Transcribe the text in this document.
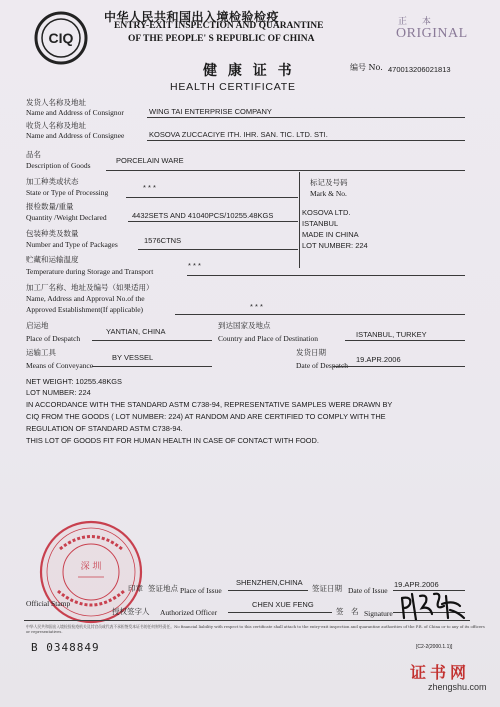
CIQ
中华人民共和国出入境检验检疫
ENTRY-EXIT INSPECTION AND QUARANTINE
OF THE PEOPLE' S REPUBLIC OF CHINA
正 本
ORIGINAL
健 康 证 书	编号 No. 470013206021813
HEALTH CERTIFICATE
发货人名称及地址
Name and Address of Consignor	WING TAI ENTERPRISE COMPANY
收货人名称及地址
Name and Address of Consignee	KOSOVA ZUCCACIYE ITH. IHR. SAN. TIC. LTD. STI.
品名
Description of Goods
PORCELAIN WARE
加工种类或状态
State or Type of Processing
* * *
标记及号码
Mark & No.
KOSOVA LTD.
ISTANBUL
MADE IN CHINA
LOT NUMBER: 224
报检数量/重量
Quantity /Weight Declared	4432SETS AND 41040PCS/10255.48KGS
包装种类及数量
Number and Type of Packages	1576CTNS
贮藏和运输温度
Temperature during Storage and Transport
* * *
加工厂名称、地址及编号（如果适用）
Name, Address and Approval No.of the
Approved Establishment(If applicable)	* * *
启运地
Place of Despatch
YANTIAN, CHINA
到达国家及地点
Country and Place of Destination	ISTANBUL, TURKEY
运输工具
Means of Conveyance
BY VESSEL
发货日期
Date of Despatch
19.APR.2006
NET WEIGHT: 10255.48KGS
LOT NUMBER: 224
IN ACCORDANCE WITH THE STANDARD ASTM C738-94, REPRESENTATIVE SAMPLES WERE DRAWN BY
CIQ FROM THE GOODS ( LOT NUMBER: 224) AT RANDOM AND ARE CERTIFIED TO COMPLY WITH THE
REGULATION OF STANDARD ASTM C738-94.
THIS LOT OF GOODS FIT FOR HUMAN HEALTH IN CASE OF CONTACT WITH FOOD.
深 圳
印章
Official Stamp
签证地点 Place of Issue
SHENZHEN,CHINA
签证日期 Date of Issue
19.APR.2006
授权签字人 Authorized Officer
CHEN XUE FENG
签　名 Signature
中华人民共和国出入境检验检疫机关及其官员或代表不承担签发本证书的任何财经责任。No financial liability with respect to this certificate shall attach to the entry-exit inspection and quarantine authorities of the P.R. of China or to any of its officers or representatives.
B 0348849	[C2-2(2000.1.1)]
证书网
zhengshu.com
